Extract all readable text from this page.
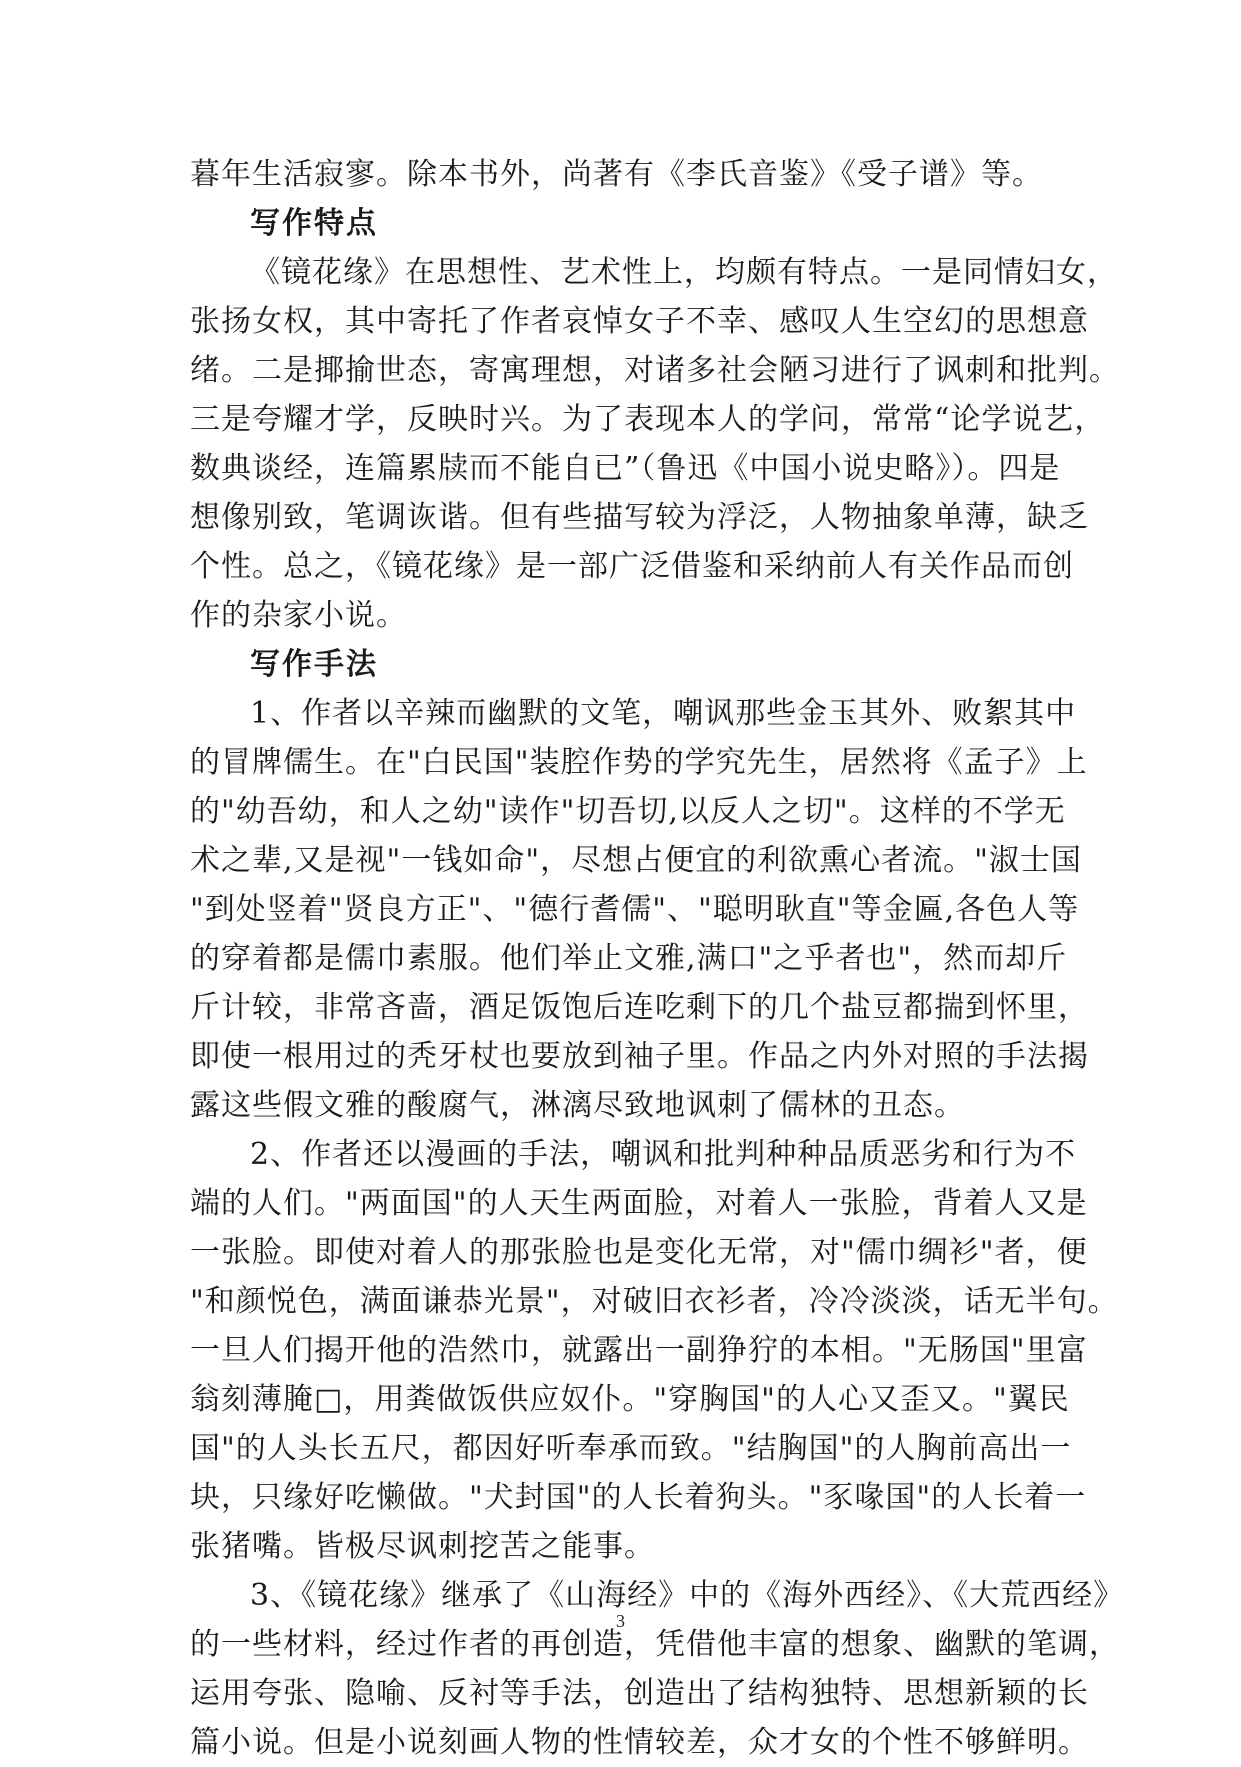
暮年生活寂寥。除本书外，尚著有《李氏音鉴》《受子谱》等。
写作特点
《镜花缘》在思想性、艺术性上，均颇有特点。一是同情妇女，
张扬女权，其中寄托了作者哀悼女子不幸、感叹人生空幻的思想意
绪。二是揶揄世态，寄寓理想，对诸多社会陋习进行了讽刺和批判。
三是夸耀才学，反映时兴。为了表现本人的学问，常常“论学说艺，
数典谈经，连篇累牍而不能自已”（鲁迅《中国小说史略》）。四是
想像别致，笔调诙谐。但有些描写较为浮泛，人物抽象单薄，缺乏
个性。总之，《镜花缘》是一部广泛借鉴和采纳前人有关作品而创
作的杂家小说。
写作手法
1、作者以辛辣而幽默的文笔，嘲讽那些金玉其外、败絮其中
的冒牌儒生。在"白民国"装腔作势的学究先生，居然将《孟子》上
的"幼吾幼，和人之幼"读作"切吾切,以反人之切"。这样的不学无
术之辈,又是视"一钱如命"，尽想占便宜的利欲熏心者流。"淑士国
"到处竖着"贤良方正"、"德行耆儒"、"聪明耿直"等金匾,各色人等
的穿着都是儒巾素服。他们举止文雅,满口"之乎者也"，然而却斤
斤计较，非常吝啬，酒足饭饱后连吃剩下的几个盐豆都揣到怀里，
即使一根用过的秃牙杖也要放到袖子里。作品之内外对照的手法揭
露这些假文雅的酸腐气，淋漓尽致地讽刺了儒林的丑态。
2、作者还以漫画的手法，嘲讽和批判种种品质恶劣和行为不
端的人们。"两面国"的人天生两面脸，对着人一张脸，背着人又是
一张脸。即使对着人的那张脸也是变化无常，对"儒巾绸衫"者，便
"和颜悦色，满面谦恭光景"，对破旧衣衫者，冷冷淡淡，话无半句。
一旦人们揭开他的浩然巾，就露出一副狰狞的本相。"无肠国"里富
翁刻薄腌□，用粪做饭供应奴仆。"穿胸国"的人心又歪又。"翼民
国"的人头长五尺，都因好听奉承而致。"结胸国"的人胸前高出一
块，只缘好吃懒做。"犬封国"的人长着狗头。"豕喙国"的人长着一
张猪嘴。皆极尽讽刺挖苦之能事。
3、《镜花缘》继承了《山海经》中的《海外西经》、《大荒西经》
的一些材料，经过作者的再创造，凭借他丰富的想象、幽默的笔调，
运用夸张、隐喻、反衬等手法，创造出了结构独特、思想新颖的长
篇小说。但是小说刻画人物的性情较差，众才女的个性不够鲜明。
3
